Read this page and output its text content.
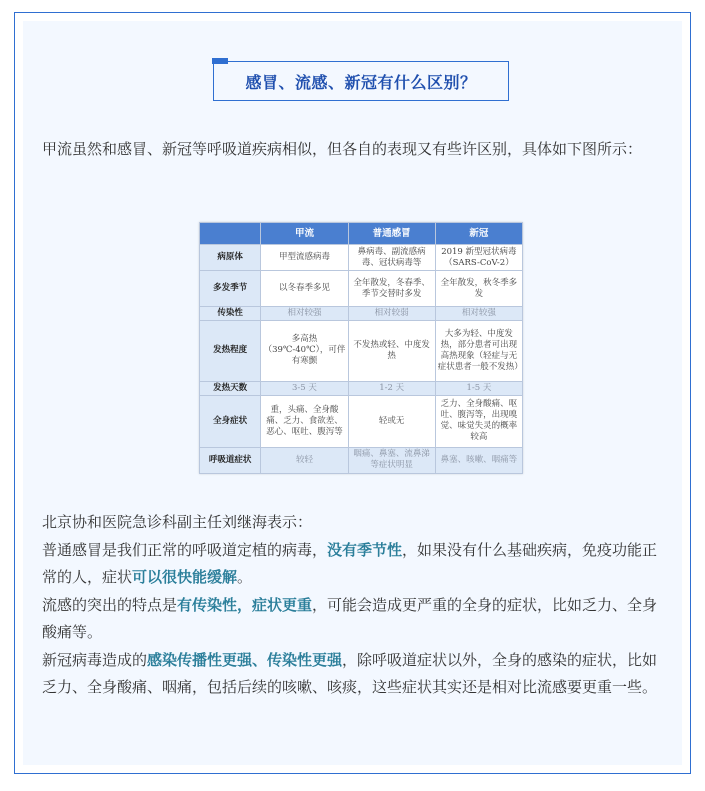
感冒、流感、新冠有什么区别？

甲流虽然和感冒、新冠等呼吸道疾病相似，但各自的表现又有些许区别，具体如下图所示：

	甲流	普通感冒	新冠
病原体	甲型流感病毒	鼻病毒、副流感病毒、冠状病毒等	2019 新型冠状病毒（SARS-CoV-2）
多发季节	以冬春季多见	全年散发，冬春季、季节交替时多发	全年散发，秋冬季多发
传染性	相对较强	相对较弱	相对较强
发热程度	多高热（39℃-40℃），可伴有寒颤	不发热或轻、中度发热	大多为轻、中度发热，部分患者可出现高热现象（轻症与无症状患者一般不发热）
发热天数	3-5 天	1-2 天	1-5 天
全身症状	重，头痛、全身酸痛、乏力、食欲差、恶心、呕吐、腹泻等	轻或无	乏力、全身酸痛、呕吐、腹泻等，出现嗅觉、味觉失灵的概率较高
呼吸道症状	较轻	咽痛、鼻塞、流鼻涕等症状明显	鼻塞、咳嗽、咽痛等

北京协和医院急诊科副主任刘继海表示：

普通感冒是我们正常的呼吸道定植的病毒，没有季节性，如果没有什么基础疾病，免疫功能正常的人，症状可以很快能缓解。

流感的突出的特点是有传染性，症状更重，可能会造成更严重的全身的症状，比如乏力、全身酸痛等。

新冠病毒造成的感染传播性更强、传染性更强，除呼吸道症状以外，全身的感染的症状，比如乏力、全身酸痛、咽痛，包括后续的咳嗽、咳痰，这些症状其实还是相对比流感要更重一些。
